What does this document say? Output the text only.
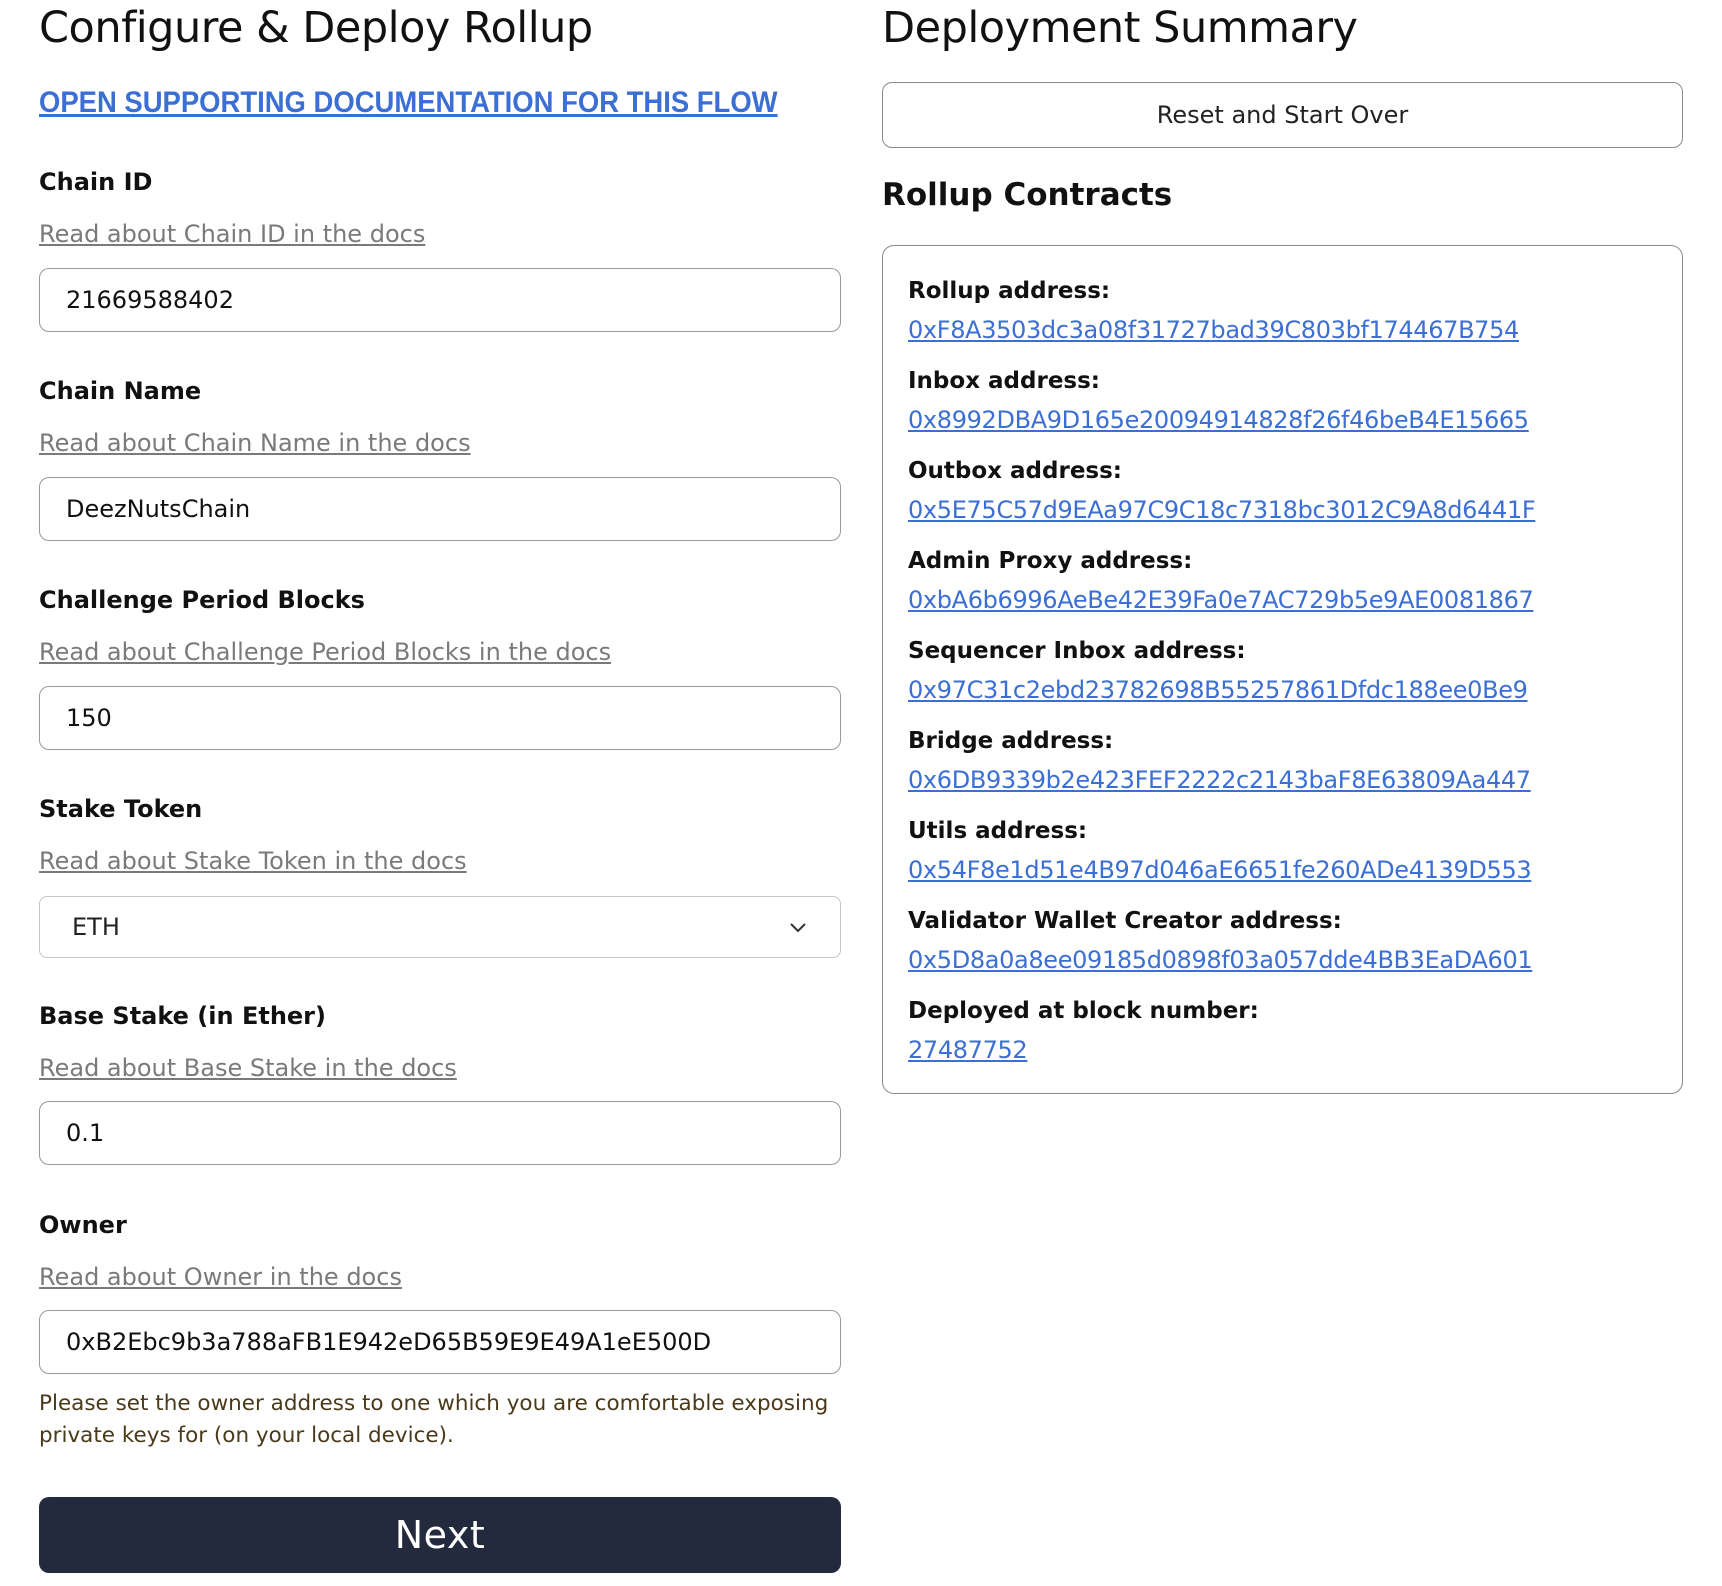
Configure & Deploy Rollup
OPEN SUPPORTING DOCUMENTATION FOR THIS FLOW
Chain ID
Read about Chain ID in the docs
21669588402
Chain Name
Read about Chain Name in the docs
DeezNutsChain
Challenge Period Blocks
Read about Challenge Period Blocks in the docs
150
Stake Token
Read about Stake Token in the docs
ETH
Base Stake (in Ether)
Read about Base Stake in the docs
0.1
Owner
Read about Owner in the docs
0xB2Ebc9b3a788aFB1E942eD65B59E9E49A1eE500D
Please set the owner address to one which you are comfortable exposing private keys for (on your local device).
Next
Deployment Summary
Reset and Start Over
Rollup Contracts
Rollup address:
0xF8A3503dc3a08f31727bad39C803bf174467B754
Inbox address:
0x8992DBA9D165e20094914828f26f46beB4E15665
Outbox address:
0x5E75C57d9EAa97C9C18c7318bc3012C9A8d6441F
Admin Proxy address:
0xbA6b6996AeBe42E39Fa0e7AC729b5e9AE0081867
Sequencer Inbox address:
0x97C31c2ebd23782698B55257861Dfdc188ee0Be9
Bridge address:
0x6DB9339b2e423FEF2222c2143baF8E63809Aa447
Utils address:
0x54F8e1d51e4B97d046aE6651fe260ADe4139D553
Validator Wallet Creator address:
0x5D8a0a8ee09185d0898f03a057dde4BB3EaDA601
Deployed at block number:
27487752
